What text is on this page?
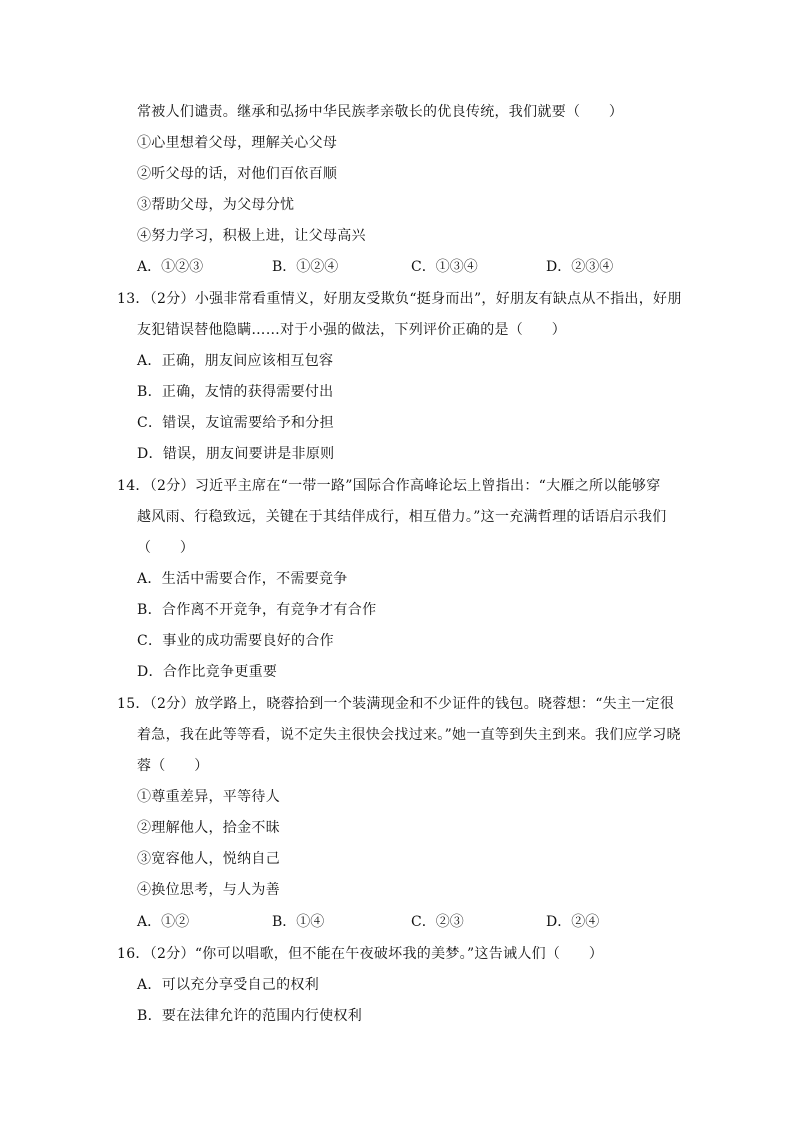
常被人们谴责。继承和弘扬中华民族孝亲敬长的优良传统，我们就要（　　）
①心里想着父母，理解关心父母
②听父母的话，对他们百依百顺
③帮助父母，为父母分忧
④努力学习，积极上进，让父母高兴
A．①②③	B．①②④	C．①③④	D．②③④
13．（2分）小强非常看重情义，好朋友受欺负“挺身而出”，好朋友有缺点从不指出，好朋
友犯错误替他隐瞒……对于小强的做法，下列评价正确的是（　　）
A．正确，朋友间应该相互包容
B．正确，友情的获得需要付出
C．错误，友谊需要给予和分担
D．错误，朋友间要讲是非原则
14．（2分）习近平主席在“一带一路”国际合作高峰论坛上曾指出：“大雁之所以能够穿
越风雨、行稳致远，关键在于其结伴成行，相互借力。”这一充满哲理的话语启示我们
（　　）
A．生活中需要合作，不需要竞争
B．合作离不开竞争，有竞争才有合作
C．事业的成功需要良好的合作
D．合作比竞争更重要
15．（2分）放学路上，晓蓉拾到一个装满现金和不少证件的钱包。晓蓉想：“失主一定很
着急，我在此等等看，说不定失主很快会找过来。”她一直等到失主到来。我们应学习晓
蓉（　　）
①尊重差异，平等待人
②理解他人，拾金不昧
③宽容他人，悦纳自己
④换位思考，与人为善
A．①②	B．①④	C．②③	D．②④
16．（2分）“你可以唱歌，但不能在午夜破坏我的美梦。”这告诫人们（　　）
A．可以充分享受自己的权利
B．要在法律允许的范围内行使权利
